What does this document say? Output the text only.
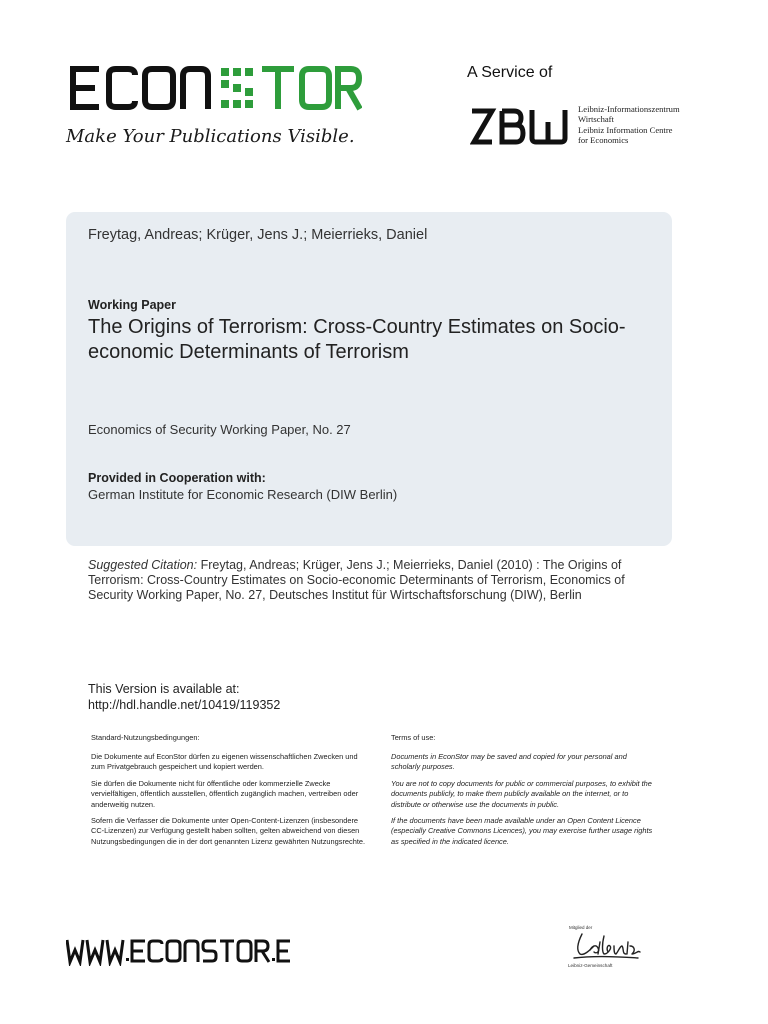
Make Your Publications Visible.
A Service of
Leibniz-Informationszentrum
Wirtschaft
Leibniz Information Centre
for Economics
Freytag, Andreas; Krüger, Jens J.; Meierrieks, Daniel
Working Paper
The Origins of Terrorism: Cross-Country Estimates on Socio-economic Determinants of Terrorism
Economics of Security Working Paper, No. 27
Provided in Cooperation with:
German Institute for Economic Research (DIW Berlin)
Suggested Citation: Freytag, Andreas; Krüger, Jens J.; Meierrieks, Daniel (2010) : The Origins of Terrorism: Cross-Country Estimates on Socio-economic Determinants of Terrorism, Economics of Security Working Paper, No. 27, Deutsches Institut für Wirtschaftsforschung (DIW), Berlin
This Version is available at:
http://hdl.handle.net/10419/119352

Standard-Nutzungsbedingungen:

Die Dokumente auf EconStor dürfen zu eigenen wissenschaftlichen Zwecken und zum Privatgebrauch gespeichert und kopiert werden.

Sie dürfen die Dokumente nicht für öffentliche oder kommerzielle Zwecke vervielfältigen, öffentlich ausstellen, öffentlich zugänglich machen, vertreiben oder anderweitig nutzen.

Sofern die Verfasser die Dokumente unter Open-Content-Lizenzen (insbesondere CC-Lizenzen) zur Verfügung gestellt haben sollten, gelten abweichend von diesen Nutzungsbedingungen die in der dort genannten Lizenz gewährten Nutzungsrechte.

Terms of use:

Documents in EconStor may be saved and copied for your personal and scholarly purposes.

You are not to copy documents for public or commercial purposes, to exhibit the documents publicly, to make them publicly available on the internet, or to distribute or otherwise use the documents in public.

If the documents have been made available under an Open Content Licence (especially Creative Commons Licences), you may exercise further usage rights as specified in the indicated licence.

Mitglied der
Leibniz-Gemeinschaft
